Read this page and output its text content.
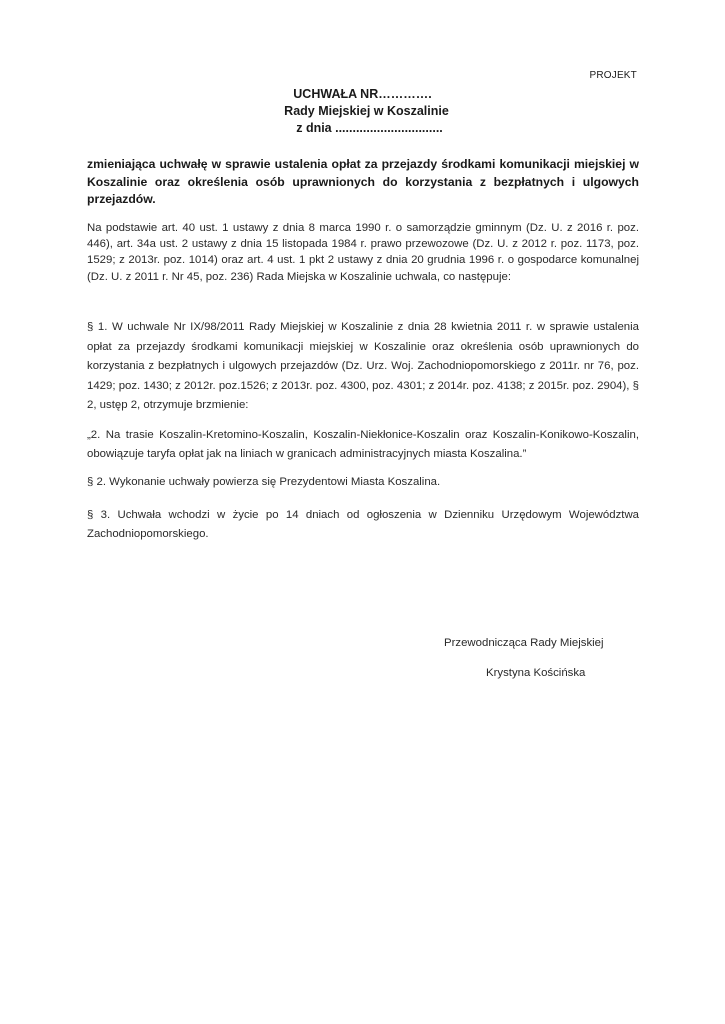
PROJEKT
UCHWAŁA NR………….
Rady Miejskiej w Koszalinie
z dnia ...............................
zmieniająca uchwałę w sprawie ustalenia opłat za przejazdy środkami komunikacji miejskiej w Koszalinie oraz określenia osób uprawnionych do korzystania z bezpłatnych i ulgowych przejazdów.
Na podstawie art. 40 ust. 1 ustawy z dnia 8 marca 1990 r. o samorządzie gminnym (Dz. U. z 2016 r. poz. 446), art. 34a ust. 2 ustawy z dnia 15 listopada 1984 r. prawo przewozowe (Dz. U. z 2012 r. poz. 1173, poz. 1529; z 2013r. poz. 1014) oraz art. 4 ust. 1 pkt 2 ustawy z dnia 20 grudnia 1996 r. o gospodarce komunalnej (Dz. U. z 2011 r. Nr 45, poz. 236) Rada Miejska w Koszalinie uchwala, co następuje:
§ 1. W uchwale Nr IX/98/2011 Rady Miejskiej w Koszalinie z dnia 28 kwietnia 2011 r. w sprawie ustalenia opłat za przejazdy środkami komunikacji miejskiej w Koszalinie oraz określenia osób uprawnionych do korzystania z bezpłatnych i ulgowych przejazdów (Dz. Urz. Woj. Zachodniopomorskiego z 2011r. nr 76, poz. 1429; poz. 1430; z 2012r. poz.1526; z 2013r. poz. 4300, poz. 4301; z 2014r. poz. 4138; z 2015r. poz. 2904), § 2, ustęp 2, otrzymuje brzmienie:
„2. Na trasie Koszalin-Kretomino-Koszalin, Koszalin-Niekłonice-Koszalin oraz Koszalin-Konikowo-Koszalin, obowiązuje taryfa opłat jak na liniach w granicach administracyjnych miasta Koszalina.”
§ 2. Wykonanie uchwały powierza się Prezydentowi Miasta Koszalina.
§ 3. Uchwała wchodzi w życie po 14 dniach od ogłoszenia w Dzienniku Urzędowym Województwa Zachodniopomorskiego.
Przewodnicząca Rady Miejskiej
Krystyna Kościńska
